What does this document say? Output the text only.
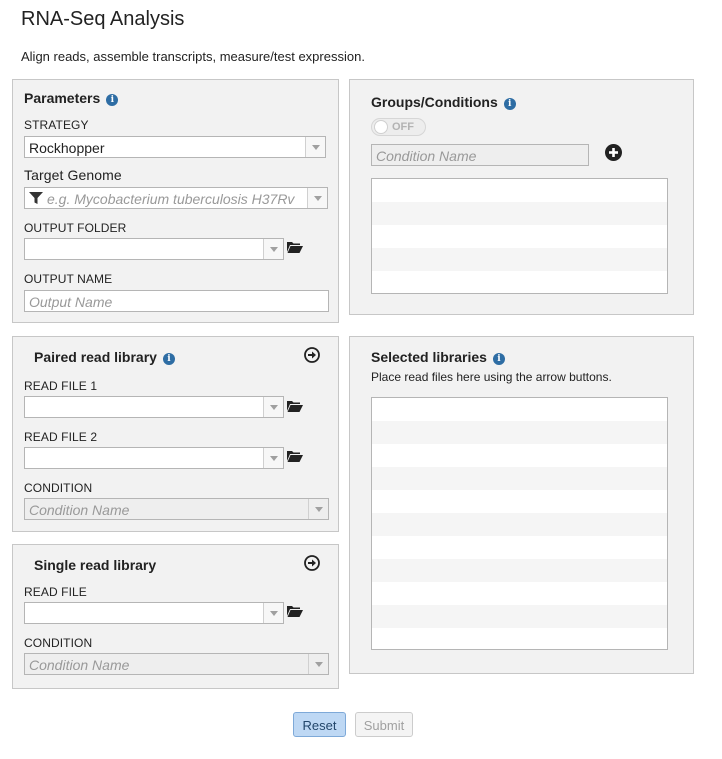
RNA-Seq Analysis
Align reads, assemble transcripts, measure/test expression.
Parameters i
STRATEGY
Rockhopper
Target Genome
e.g. Mycobacterium tuberculosis H37Rv
OUTPUT FOLDER
OUTPUT NAME
Output Name
Groups/Conditions i
OFF
Condition Name
Paired read library i
READ FILE 1
READ FILE 2
CONDITION
Condition Name
Single read library
READ FILE
CONDITION
Condition Name
Selected libraries i
Place read files here using the arrow buttons.
Reset	Submit
